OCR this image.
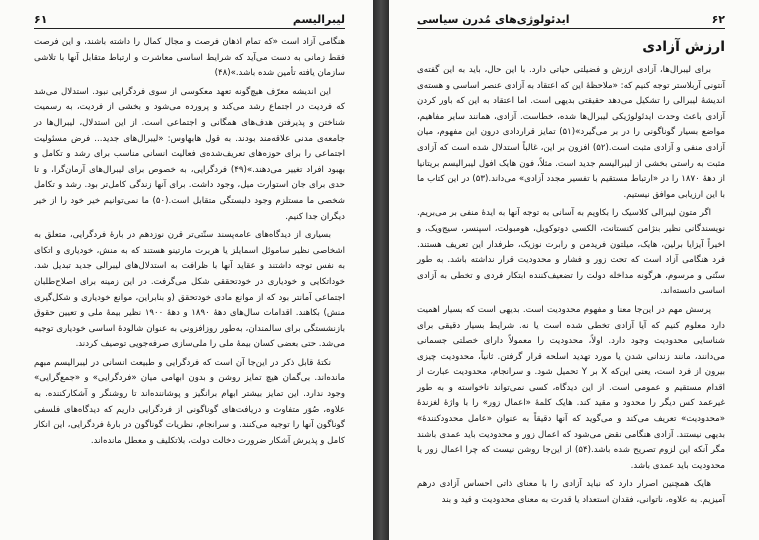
۶۱	لیبرالیسم

هنگامی آزاد است «که تمام اذهان فرصت و مجال کمال را داشته باشند، و این فرصت فقط زمانی به دست می‌آید که شرایط اساسی معاشرت و ارتباط متقابل آنها با تلاشی سازمان یافته تأمین شده باشد.»(۴۸)

این اندیشه معرّف هیچ‌گونه تعهد معکوسی از سوی فردگرایی نبود. استدلال می‌شد که فردیت در اجتماع رشد می‌کند و پرورده می‌شود و بخشی از فردیت، به رسمیت شناختن و پذیرفتن هدف‌های همگانی و اجتماعی است. از این استدلال، لیبرال‌ها در جامعه‌ی مدنی علاقه‌مند بودند. به قول هابهاوس: «لیبرال‌های جدید... فرض مسئولیت اجتماعی را برای حوزه‌های تعریف‌شده‌ی فعالیت انسانی مناسب برای رشد و تکامل و بهبود افراد تغییر می‌دهند.»(۴۹) فردگرایی، به خصوص برای لیبرال‌های آرمان‌گرا، و تا حدی برای جان استوارت میل، وجود داشت. برای آنها زندگی کامل‌تر بود. رشد و تکامل شخصی ما مستلزم وجود دلبستگی متقابل است.(۵۰) ما نمی‌توانیم خیر خود را از خیر دیگران جدا کنیم.

بسیاری از دیدگاه‌های عامه‌پسند سنّتی‌تر قرن نوزدهم در بارهٔ فردگرایی، متعلق به اشخاصی نظیر ساموئل اسمایلز یا هربرت مارتینو هستند که به منش، خودیاری و اتکای به نفس توجه داشتند و عقاید آنها با ظرافت به استدلال‌های لیبرالی جدید تبدیل شد. خوداتکایی و خودیاری در خودتحققی شکل می‌گرفت. در این زمینه برای اصلاح‌طلبان اجتماعی آمانتر بود که از موانع مادی خودتحقق (و بنابراین، موانع خودیاری و شکل‌گیری منش) بکاهند. اقدامات سال‌های دههٔ ۱۸۹۰ و دههٔ ۱۹۰۰ نظیر بیمهٔ ملی و تعیین حقوق بازنشستگی برای سالمندان، به‌طور روزافزونی به عنوان شالودهٔ اساسی خودیاری توجیه می‌شد. حتی بعضی کسان بیمهٔ ملی را ملی‌سازی صرفه‌جویی توصیف کردند.

نکتهٔ قابل ذکر در این‌جا آن است که فردگرایی و طبیعت انسانی در لیبرالیسم مبهم ماند‌ه‌اند. بی‌گمان هیچ تمایز روشن و بدون ابهامی میان «فردگرایی» و «جمع‌گرایی» وجود ندارد. این تمایز بیشتر ابهام برانگیز و پوشاننده‌اند تا روشنگر و آشکارکننده. به علاوه، صُوَر متفاوت و دریافت‌های گوناگونی از فردگرایی داریم که دیدگاه‌های فلسفی گوناگون آنها را توجیه می‌کنند. و سرانجام، نظریات گوناگون در بارهٔ فردگرایی، این انکار کامل و پذیرش آشکار ضرورت دخالت دولت، بلاتکلیف و معطل مانده‌اند.

ایدئولوژی‌های مُدرن سیاسی	۶۲
ارزش آزادی

برای لیبرال‌ها، آزادی ارزش و فضیلتی حیاتی دارد. با این حال، باید به این گفته‌ی آنتونی آربلاستر توجه کنیم که: «ملاحظهٔ این که اعتقاد به آزادی عنصر اساسی و هسته‌ی اندیشهٔ لیبرالی را تشکیل می‌دهد حقیقتی بدیهی است. اما اعتقاد به این که باور کردن آزادی باعث وحدت ایدئولوژیکی لیبرال‌ها شده، خطاست. آزادی، همانند سایر مفاهیم، مواضع بسیار گوناگونی را در بر می‌گیرد»(۵۱) تمایز قراردادی درون این مفهوم، میان آزادی منفی و آزادی مثبت است.(۵۲) افزون بر این، غالباً استدلال شده است که آزادی مثبت به راستی بخشی از لیبرالیسم جدید است. مثلاً، فون هایک افول لیبرالیسم بریتانیا از دههٔ ۱۸۷۰ را در «ارتباط مستقیم با تفسیر مجدد آزادی» می‌داند.(۵۳) در این کتاب ما با این ارزیابی موافق نیستیم.

اگر متون لیبرالی کلاسیک را بکاویم به آسانی به توجه آنها به ایدهٔ منفی بر می‌بریم. نویسندگانی نظیر بنژامن کنستانت، الکسی دوتوکویل، هومبولت، اسپنسر، سیج‌ویک، و اخیراً آیزایا برلین، هایک، میلتون فریدمن و رابرت نوزیک، طرفدار این تعریف هستند. فرد هنگامی آزاد است که تحت زور و فشار و محدودیت قرار نداشته باشد. به طور سنّتی و مرسوم، هرگونه مداخله دولت را تضعیف‌کننده ابتکار فردی و تخطی به آزادی اساسی دانسته‌اند.

پرسش مهم در این‌جا معنا و مفهوم محدودیت است. بدیهی است که بسیار اهمیت دارد معلوم کنیم که آیا آزادی تخطی شده است یا نه. شرایط بسیار دقیقی برای شناسایی محدودیت وجود دارد. اولاً، محدودیت را معمولاً دارای خصلتی جسمانی می‌دانند، مانند زندانی شدن یا مورد تهدید اسلحه قرار گرفتن. ثانیاً، محدودیت چیزی بیرون از فرد است، یعنی این‌که X بر Y تحمیل شود. و سرانجام، محدودیت عبارت از اقدام مستقیم و عمومی است. از این دیدگاه، کسی نمی‌تواند ناخواسته و به طور غیرعمد کس دیگر را محدود و مقید کند. هایک کلمهٔ «اعمال زور» را با واژهٔ لغزندهٔ «محدودیت» تعریف می‌کند و می‌گوید که آنها دقیقاً به عنوان «عامل محدودکنندهٔ» بدیهی نیستند. آزادی هنگامی نقض می‌شود که اعمال زور و محدودیت باید عمدی باشند مگر آنکه این لزوم تصریح شده باشد.(۵۴) از این‌جا روشن نیست که چرا اعمال زور یا محدودیت باید عمدی باشد.

هایک همچنین اصرار دارد که نباید آزادی را با معنای ذاتی احساس آزادی درهم آمیزیم. به علاوه، ناتوانی، فقدان استعداد یا قدرت به معنای محدودیت و قید و بند
